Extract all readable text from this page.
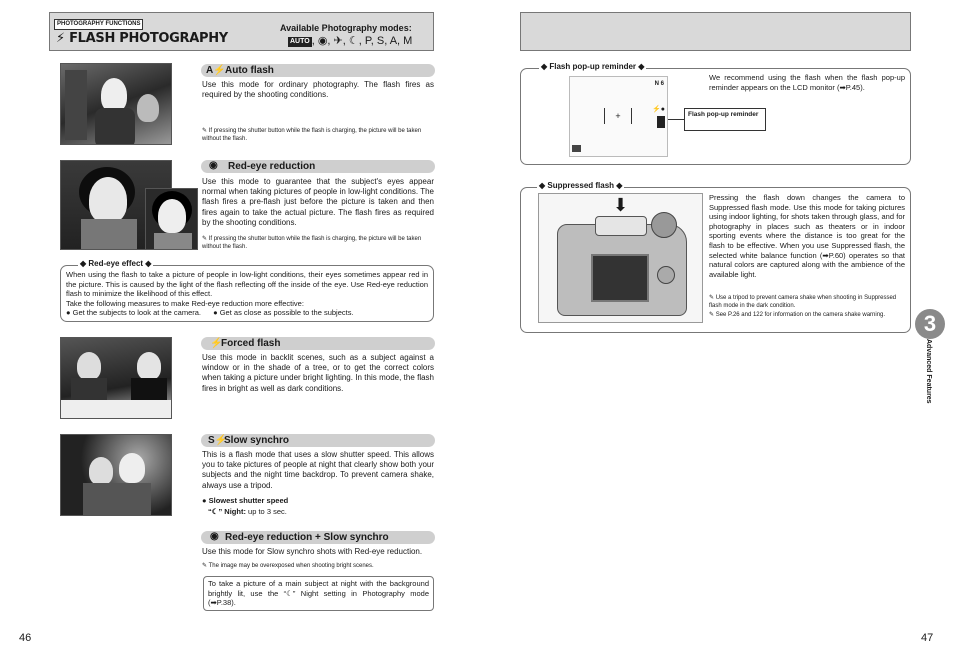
PHOTOGRAPHY FUNCTIONS
⚡ FLASH PHOTOGRAPHY
Available Photography modes:
AUTO , ◉, ✈, ☾, P, S, A, M
A⚡ Auto flash
Use this mode for ordinary photography. The flash fires as required by the shooting conditions.
✎ If pressing the shutter button while the flash is charging, the picture will be taken without the flash.
◉ Red-eye reduction
Use this mode to guarantee that the subject's eyes appear normal when taking pictures of people in low-light conditions. The flash fires a pre-flash just before the picture is taken and then fires again to take the actual picture. The flash fires as required by the shooting conditions.
✎ If pressing the shutter button while the flash is charging, the picture will be taken without the flash.
◆ Red-eye effect ◆
When using the flash to take a picture of people in low-light conditions, their eyes sometimes appear red in the picture. This is caused by the light of the flash reflecting off the inside of the eye. Use Red-eye reduction flash to minimize the likelihood of this effect.
Take the following measures to make Red-eye reduction more effective:
● Get the subjects to look at the camera. ● Get as close as possible to the subjects.
⚡
Forced flash
Use this mode in backlit scenes, such as a subject against a window or in the shade of a tree, or to get the correct colors when taking a picture under bright lighting. In this mode, the flash fires in bright as well as dark conditions.
S⚡
Slow synchro
This is a flash mode that uses a slow shutter speed. This allows you to take pictures of people at night that clearly show both your subjects and the night time backdrop. To prevent camera shake, always use a tripod.
● Slowest shutter speed
“☾” Night: up to 3 sec.
◉ Red-eye reduction + Slow synchro
Use this mode for Slow synchro shots with Red-eye reduction.
✎ The image may be overexposed when shooting bright scenes.
To take a picture of a main subject at night with the background brightly lit, use the “☾” Night setting in Photography mode (➡P.38).
46
◆ Flash pop-up reminder ◆
N 6
+
⚡●
Flash pop-up reminder
We recommend using the flash when the flash pop-up reminder appears on the LCD monitor (➡P.45).
◆ Suppressed flash ◆
⬇	Pressing the flash down changes the camera to Suppressed flash mode. Use this mode for taking pictures using indoor lighting, for shots taken through glass, and for photography in places such as theaters or in indoor sporting events where the distance is too great for the flash to be effective. When you use Suppressed flash, the selected white balance function (➡P.60) operates so that natural colors are captured along with the ambience of the available light.
✎ Use a tripod to prevent camera shake when shooting in Suppressed flash mode in the dark condition.
✎ See P.26 and 122 for information on the camera shake warning.	3
Advanced Features
47
